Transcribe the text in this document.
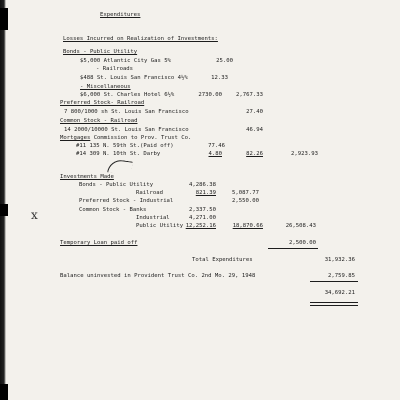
Expenditures
Losses Incurred on Realization of Investments:
Bonds - Public Utility
$5,000 Atlantic City Gas 5%	25.00
- Railroads
$488 St. Louis San Francisco 4½%	12.33
- Miscellaneous
$6,000 St. Charles Hotel 6½%	2730.00	2,767.33
Preferred Stock- Railroad
7 800/1000 sh St. Louis San Francisco	27.40
Common Stock - Railroad
14 2000/10000 St. Louis San Francisco	46.94
Mortgages Commission to Prov. Trust Co.
#11 135 N. 59th St.(Paid off)	77.46
#14 309 N. 10th St. Darby	4.80	82.26	2,923.93
Investments Made
Bonds - Public Utility	4,286.38
Railroad	821.39	5,087.77
Preferred Stock - Industrial	2,550.00
Common Stock - Banks	2,337.50
Industrial	4,271.00
Public Utility 12,252.16	18,870.66	26,508.43
Temporary Loan paid off	2,500.00
Total Expenditures	31,932.36
Balance uninvested in Provident Trust Co. 2nd Mo. 29, 1948	2,759.85
34,692.21
x
